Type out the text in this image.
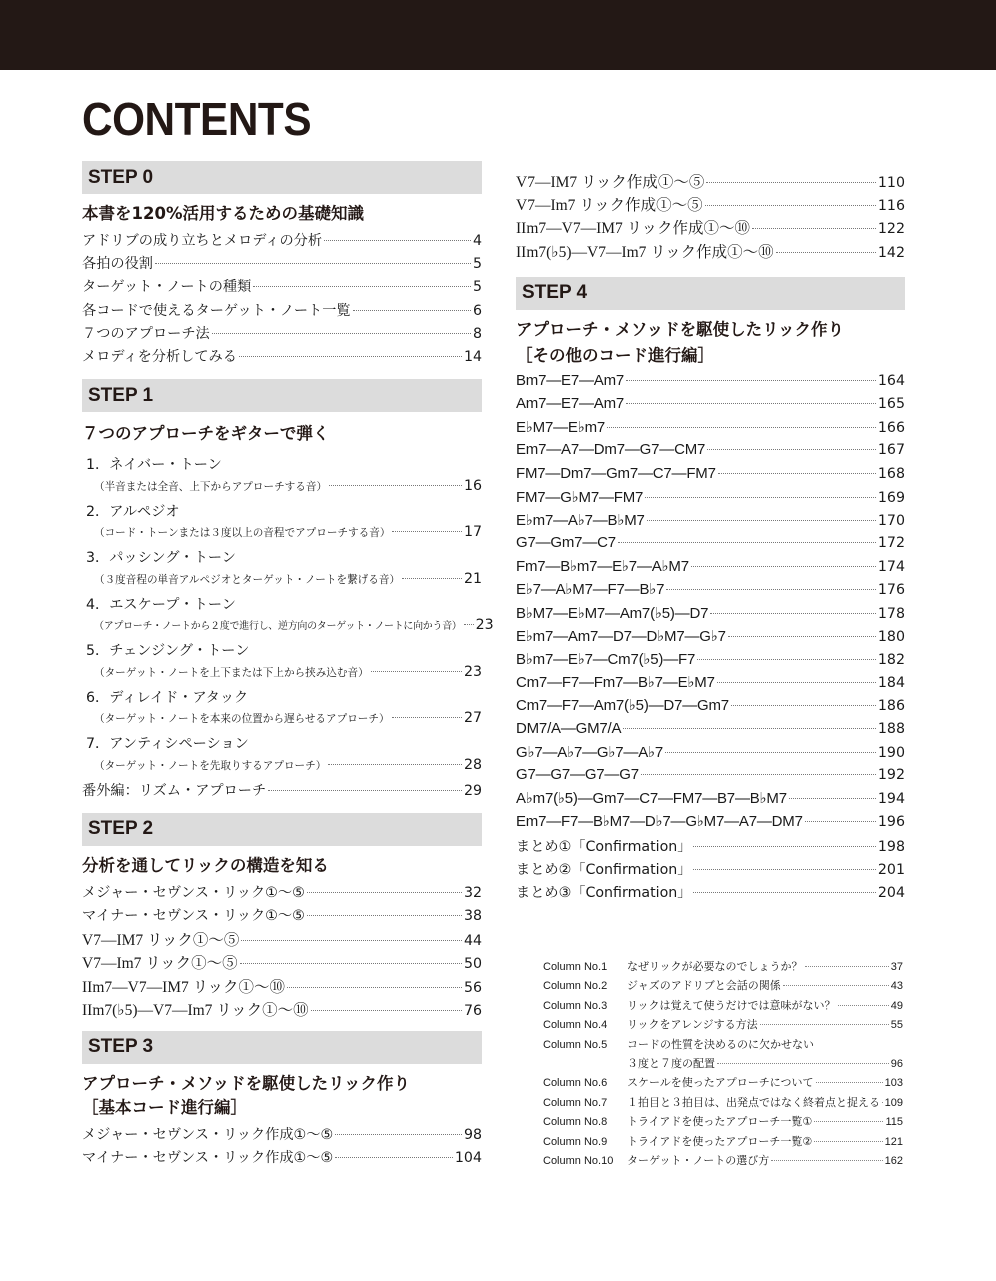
CONTENTS
STEP 0
本書を120%活用するための基礎知識
アドリブの成り立ちとメロディの分析	4
各拍の役割	5
ターゲット・ノートの種類	5
各コードで使えるターゲット・ノート一覧	6
７つのアプローチ法	8
メロディを分析してみる	14
STEP 1
７つのアプローチをギターで弾く
1．ネイバー・トーン
（半音または全音、上下からアプローチする音）	16
2．アルペジオ
（コード・トーンまたは３度以上の音程でアプローチする音）	17
3．パッシング・トーン
（３度音程の単音アルペジオとターゲット・ノートを繋げる音）	21
4．エスケープ・トーン
（アプローチ・ノートから２度で進行し、逆方向のターゲット・ノートに向かう音） 23
5．チェンジング・トーン
（ターゲット・ノートを上下または下上から挟み込む音）	23
6．ディレイド・アタック
（ターゲット・ノートを本来の位置から遅らせるアプローチ）	27
7．アンティシペーション
（ターゲット・ノートを先取りするアプローチ）	28
番外編：リズム・アプローチ	29
STEP 2
分析を通してリックの構造を知る
メジャー・セヴンス・リック①〜⑤	32
マイナー・セヴンス・リック①〜⑤	38
V7—IM7 リック①〜⑤	44
V7—Im7 リック①〜⑤	50
IIm7—V7—IM7 リック①〜⑩	56
IIm7(♭5)—V7—Im7 リック①〜⑩	76
STEP 3
アプローチ・メソッドを駆使したリック作り
［基本コード進行編］
メジャー・セヴンス・リック作成①〜⑤	98
マイナー・セヴンス・リック作成①〜⑤	104
V7—IM7 リック作成①〜⑤	110
V7—Im7 リック作成①〜⑤	116
IIm7—V7—IM7 リック作成①〜⑩	122
IIm7(♭5)—V7—Im7 リック作成①〜⑩	142
STEP 4
アプローチ・メソッドを駆使したリック作り
［その他のコード進行編］
Bm7—E7—Am7	164
Am7—E7—Am7	165
E♭M7—E♭m7	166
Em7—A7—Dm7—G7—CM7	167
FM7—Dm7—Gm7—C7—FM7	168
FM7—G♭M7—FM7	169
E♭m7—A♭7—B♭M7	170
G7—Gm7—C7	172
Fm7—B♭m7—E♭7—A♭M7	174
E♭7—A♭M7—F7—B♭7	176
B♭M7—E♭M7—Am7(♭5)—D7	178
E♭m7—Am7—D7—D♭M7—G♭7	180
B♭m7—E♭7—Cm7(♭5)—F7	182
Cm7—F7—Fm7—B♭7—E♭M7	184
Cm7—F7—Am7(♭5)—D7—Gm7	186
DM7/A—GM7/A	188
G♭7—A♭7—G♭7—A♭7	190
G7—G7—G7—G7	192
A♭m7(♭5)—Gm7—C7—FM7—B7—B♭M7	194
Em7—F7—B♭M7—D♭7—G♭M7—A7—DM7	196
まとめ①「Confirmation」	198
まとめ②「Confirmation」	201
まとめ③「Confirmation」	204
Column No.1	なぜリックが必要なのでしょうか？	37
Column No.2	ジャズのアドリブと会話の関係	43
Column No.3	リックは覚えて使うだけでは意味がない？	49
Column No.4	リックをアレンジする方法	55
Column No.5	コードの性質を決めるのに欠かせない
３度と７度の配置	96
Column No.6	スケールを使ったアプローチについて	103
Column No.7	１拍目と３拍目は、出発点ではなく終着点と捉える 109
Column No.8	トライアドを使ったアプローチ一覧①	115
Column No.9	トライアドを使ったアプローチ一覧②	121
Column No.10	ターゲット・ノートの選び方	162
